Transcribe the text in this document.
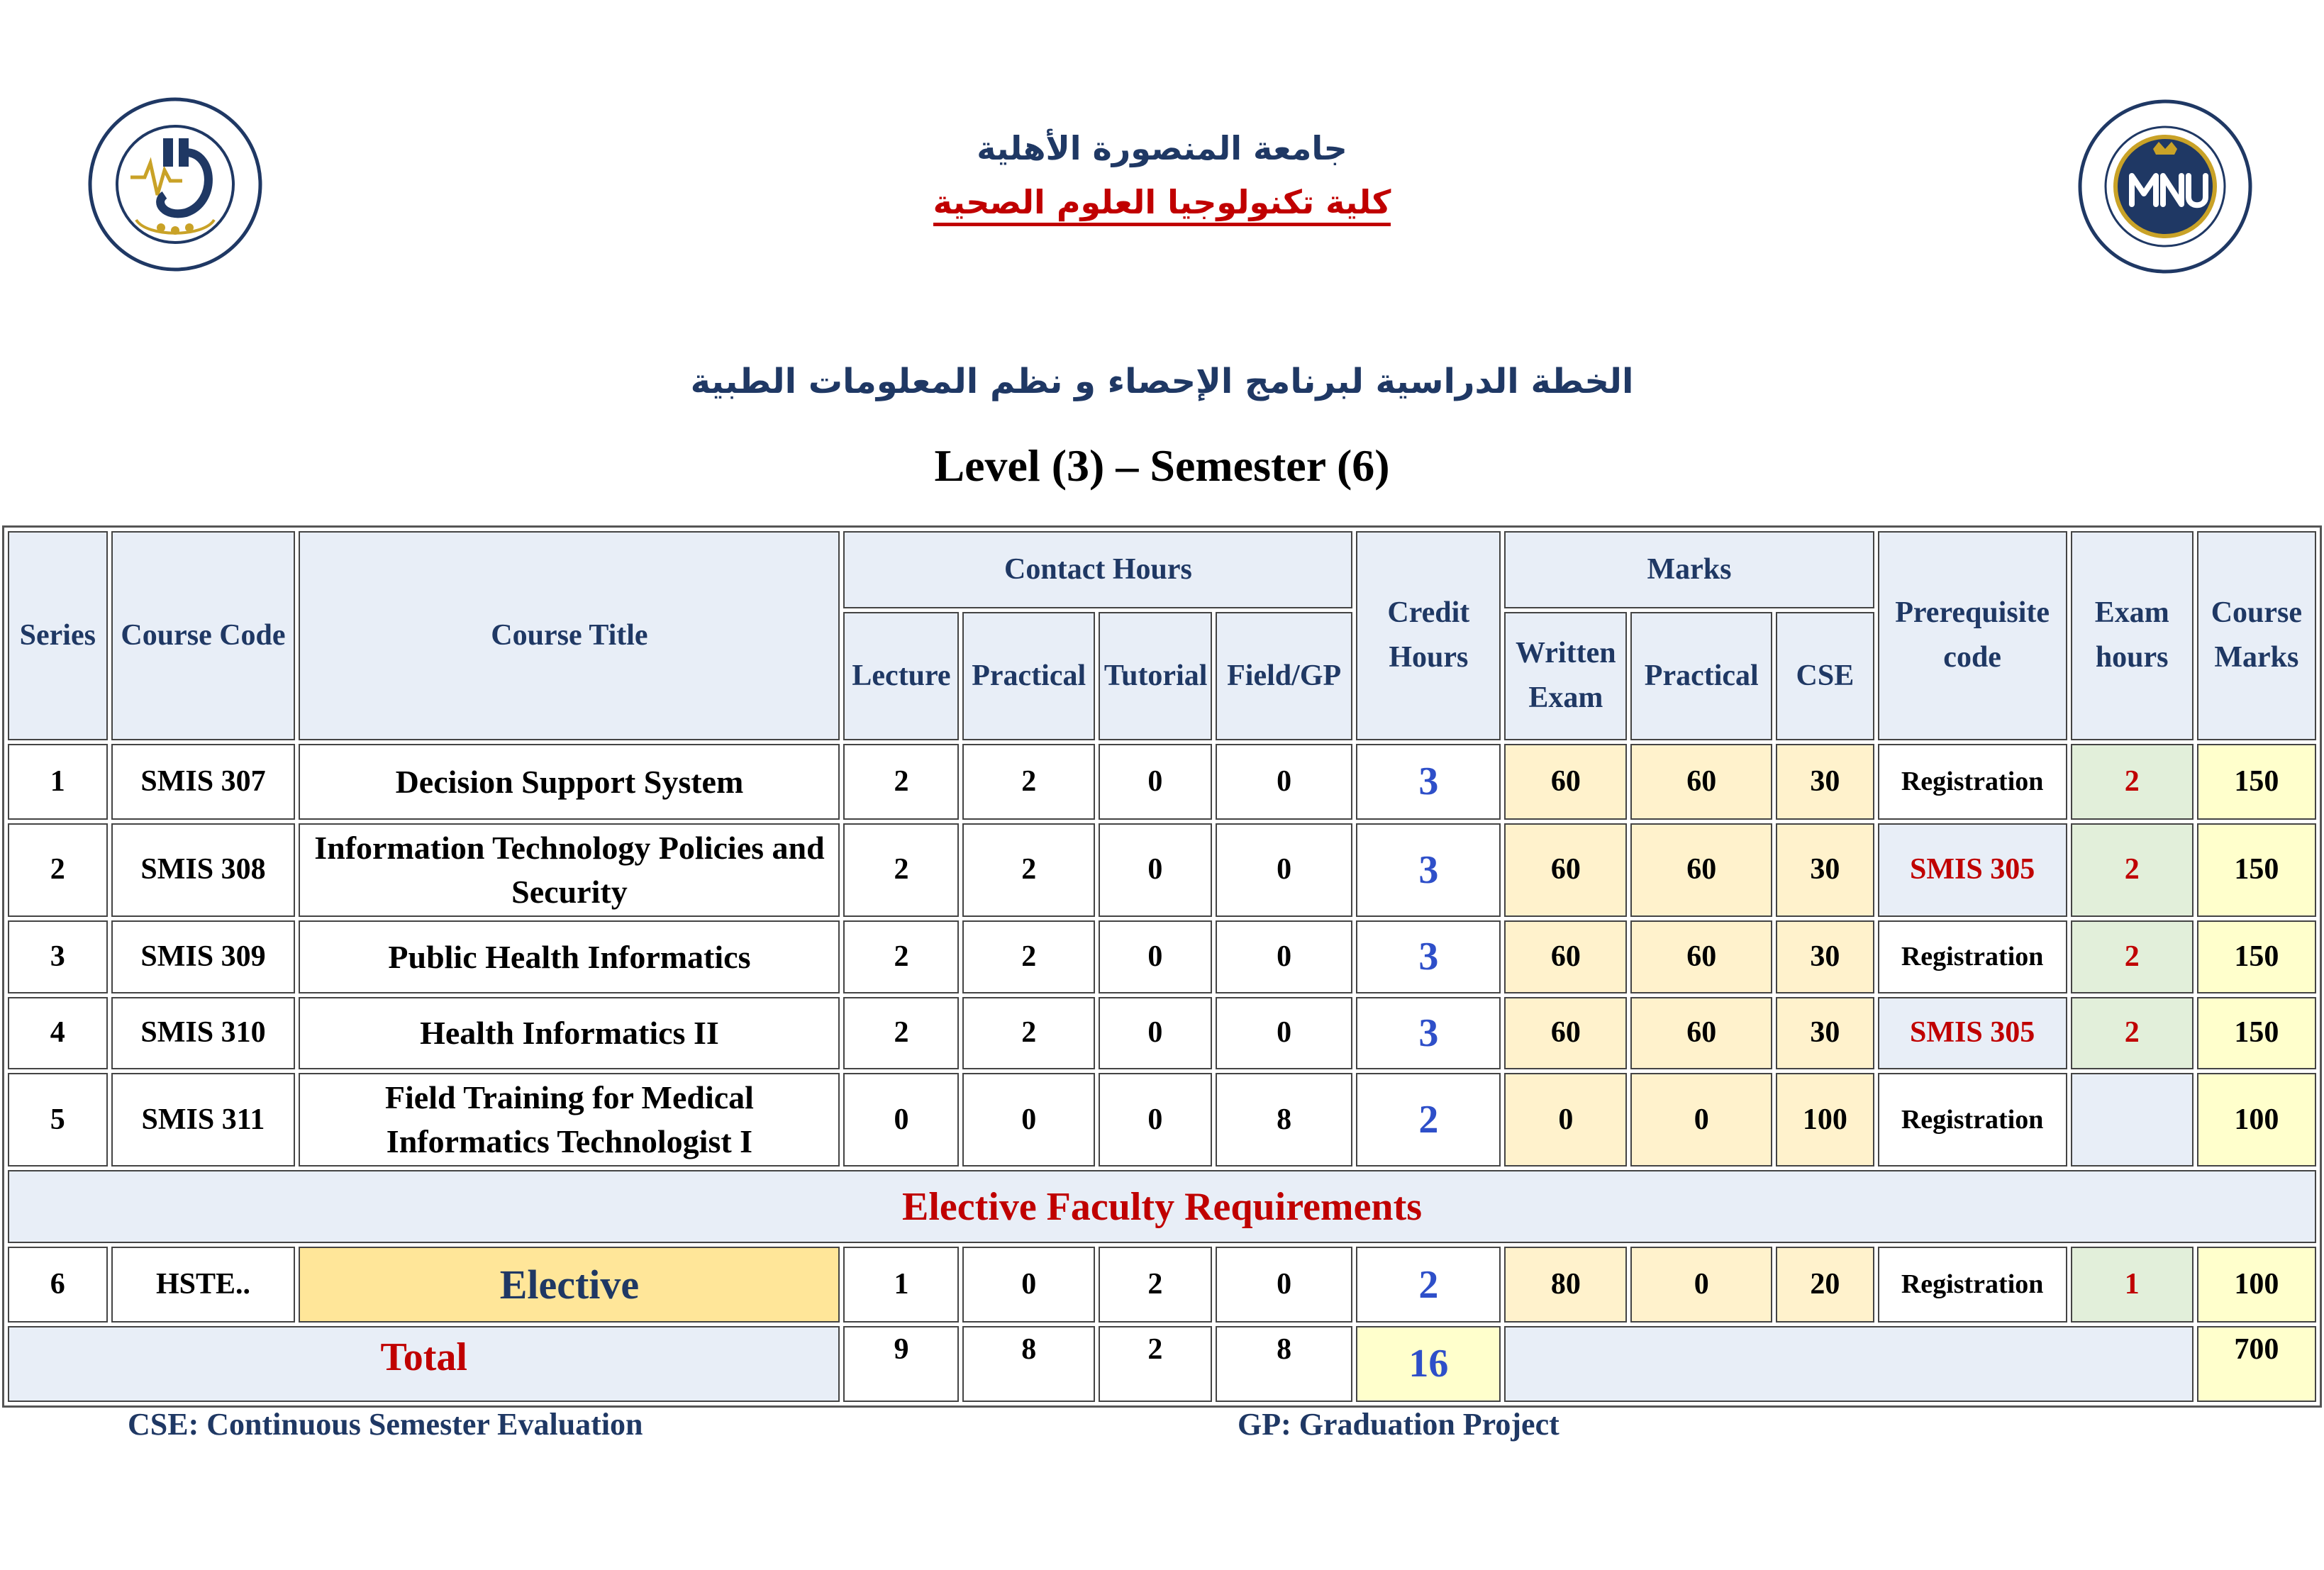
جامعة المنصورة الأهلية
كلية تكنولوجيا العلوم الصحية
الخطة الدراسية لبرنامج الإحصاء و نظم المعلومات الطبية
Level (3) – Semester (6)
Series	Course Code	Course Title	Contact Hours				Credit Hours	Marks			Prerequisite code	Exam hours	Course Marks
			Lecture	Practical	Tutorial	Field/GP		Written Exam	Practical	CSE			
1	SMIS 307	Decision Support System	2	2	0	0	3	60	60	30	Registration	2	150
2	SMIS 308	Information Technology Policies and Security	2	2	0	0	3	60	60	30	SMIS 305	2	150
3	SMIS 309	Public Health Informatics	2	2	0	0	3	60	60	30	Registration	2	150
4	SMIS 310	Health Informatics II	2	2	0	0	3	60	60	30	SMIS 305	2	150
5	SMIS 311	Field Training for Medical Informatics Technologist I	0	0	0	8	2	0	0	100	Registration		100
Elective Faculty Requirements													
6	HSTE..	Elective	1	0	2	0	2	80	0	20	Registration	1	100
Total			9	8	2	8	16						700
CSE: Continuous Semester Evaluation	GP: Graduation Project
